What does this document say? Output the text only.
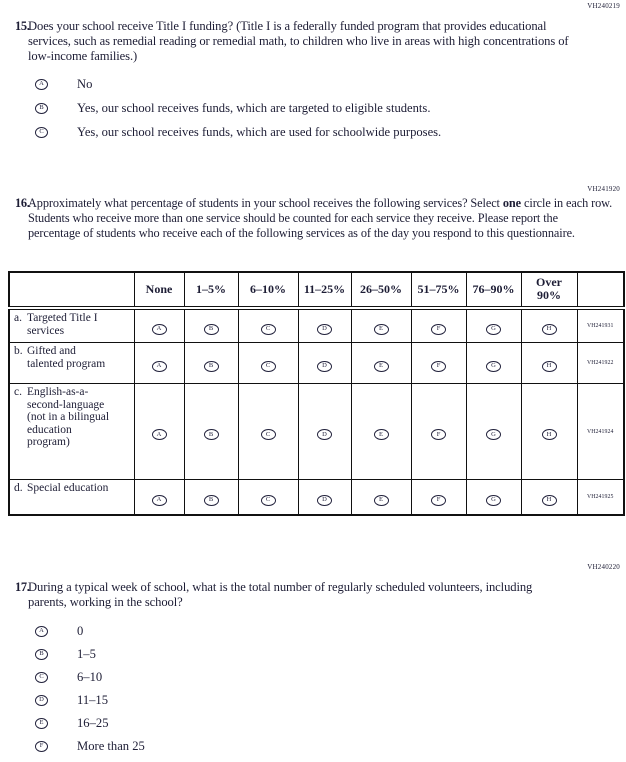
VH240219
15.

Does your school receive Title I funding? (Title I is a federally funded program that provides educational services, such as remedial reading or remedial math, to children who live in areas with high concentrations of low-income families.)

A	No
B	Yes, our school receives funds, which are targeted to eligible students.
C	Yes, our school receives funds, which are used for schoolwide purposes.
VH241920
16.

Approximately what percentage of students in your school receives the following services? Select one circle in each row. Students who receive more than one service should be counted for each service they receive. Please report the percentage of students who receive each of the following services as of the day you respond to this questionnaire.

	None	1–5%	6–10%	11–25%	26–50%	51–75%	76–90%	Over 90%	

a. Targeted Title I services	A	B	C	D	E	F	G	H	VH241931

b. Gifted and talented program	A	B	C	D	E	F	G	H	VH241922

c. English-as-a-second-language (not in a bilingual education program)	A	B	C	D	E	F	G	H	VH241924

d. Special education	A	B	C	D	E	F	G	H	VH241925
VH240220
17.

During a typical week of school, what is the total number of regularly scheduled volunteers, including parents, working in the school?

A	0
B	1–5
C	6–10
D	11–15
E	16–25
F	More than 25
